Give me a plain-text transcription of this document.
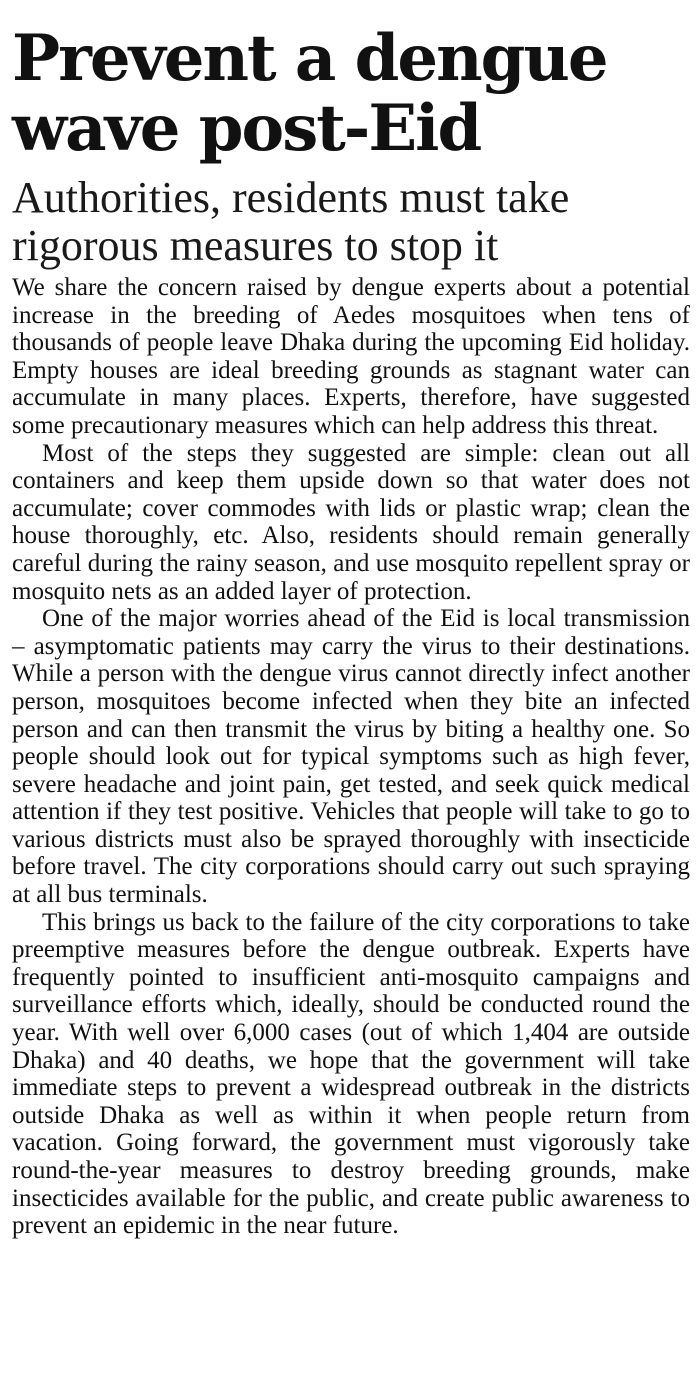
Prevent a dengue wave post-Eid
Authorities, residents must take rigorous measures to stop it

We share the concern raised by dengue experts about a potential increase in the breeding of Aedes mosquitoes when tens of thousands of people leave Dhaka during the upcoming Eid holiday. Empty houses are ideal breeding grounds as stagnant water can accumulate in many places. Experts, therefore, have suggested some precautionary measures which can help address this threat.

Most of the steps they suggested are simple: clean out all containers and keep them upside down so that water does not accumulate; cover commodes with lids or plastic wrap; clean the house thoroughly, etc. Also, residents should remain generally careful during the rainy season, and use mosquito repellent spray or mosquito nets as an added layer of protection.

One of the major worries ahead of the Eid is local transmission – asymptomatic patients may carry the virus to their destinations. While a person with the dengue virus cannot directly infect another person, mosquitoes become infected when they bite an infected person and can then transmit the virus by biting a healthy one. So people should look out for typical symptoms such as high fever, severe headache and joint pain, get tested, and seek quick medical attention if they test positive. Vehicles that people will take to go to various districts must also be sprayed thoroughly with insecticide before travel. The city corporations should carry out such spraying at all bus terminals.

This brings us back to the failure of the city corporations to take preemptive measures before the dengue outbreak. Experts have frequently pointed to insufficient anti-mosquito campaigns and surveillance efforts which, ideally, should be conducted round the year. With well over 6,000 cases (out of which 1,404 are outside Dhaka) and 40 deaths, we hope that the government will take immediate steps to prevent a widespread outbreak in the districts outside Dhaka as well as within it when people return from vacation. Going forward, the government must vigorously take round-the-year measures to destroy breeding grounds, make insecticides available for the public, and create public awareness to prevent an epidemic in the near future.
